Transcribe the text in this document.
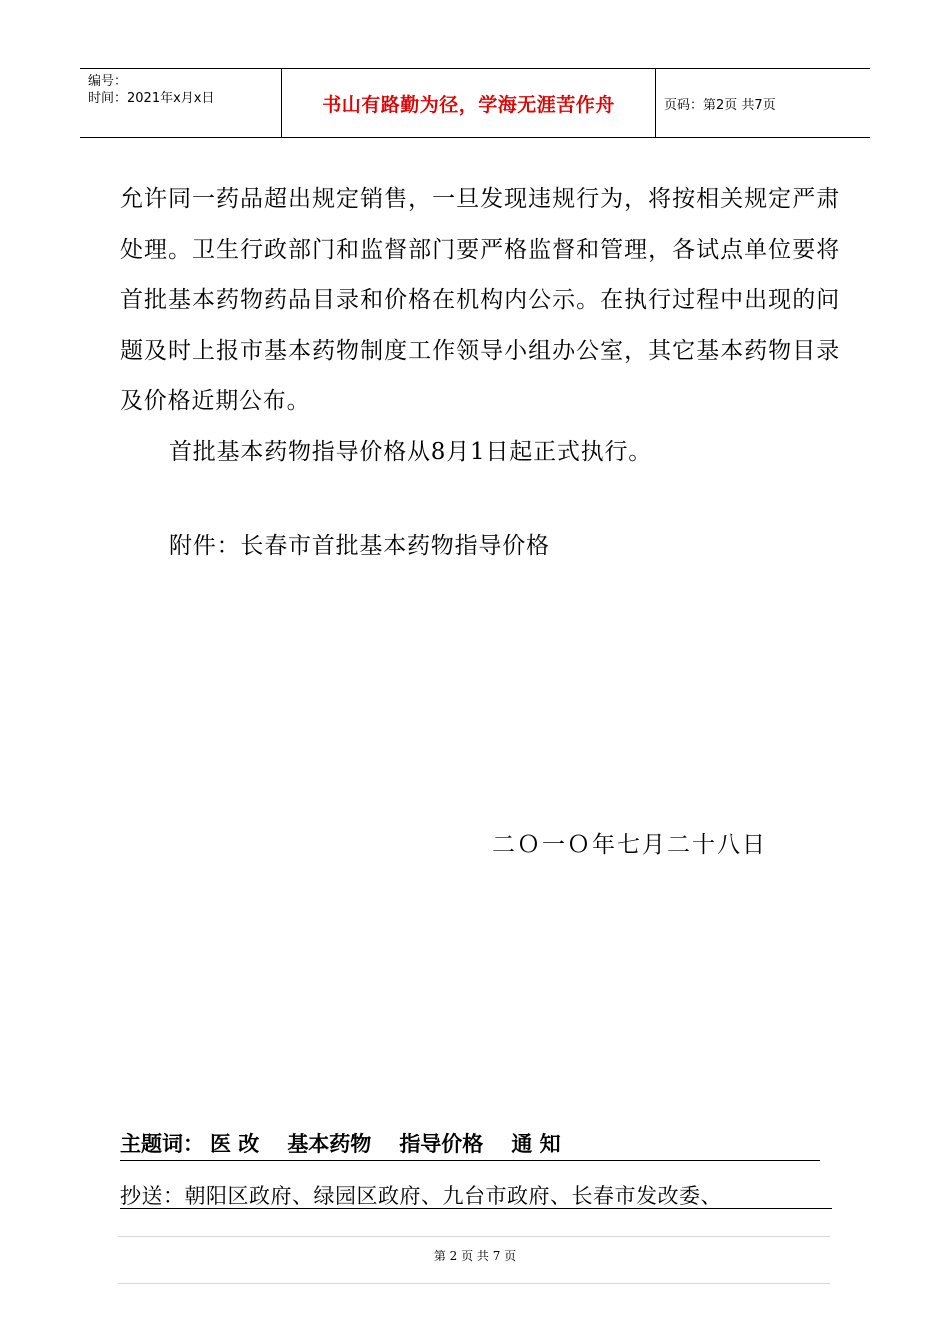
编号：
时间：2021年x月x日	书山有路勤为径，学海无涯苦作舟	页码： 第2页 共7页

允许同一药品超出规定销售，一旦发现违规行为，将按相关规定严肃处理。卫生行政部门和监督部门要严格监督和管理，各试点单位要将首批基本药物药品目录和价格在机构内公示。在执行过程中出现的问题及时上报市基本药物制度工作领导小组办公室，其它基本药物目录及价格近期公布。

首批基本药物指导价格从8月1日起正式执行。

附件：长春市首批基本药物指导价格
二Ｏ一Ｏ年七月二十八日
主题词： 医 改 基本药物 指导价格 通 知
抄送：朝阳区政府、绿园区政府、九台市政府、长春市发改委、
第 2 页 共 7 页
